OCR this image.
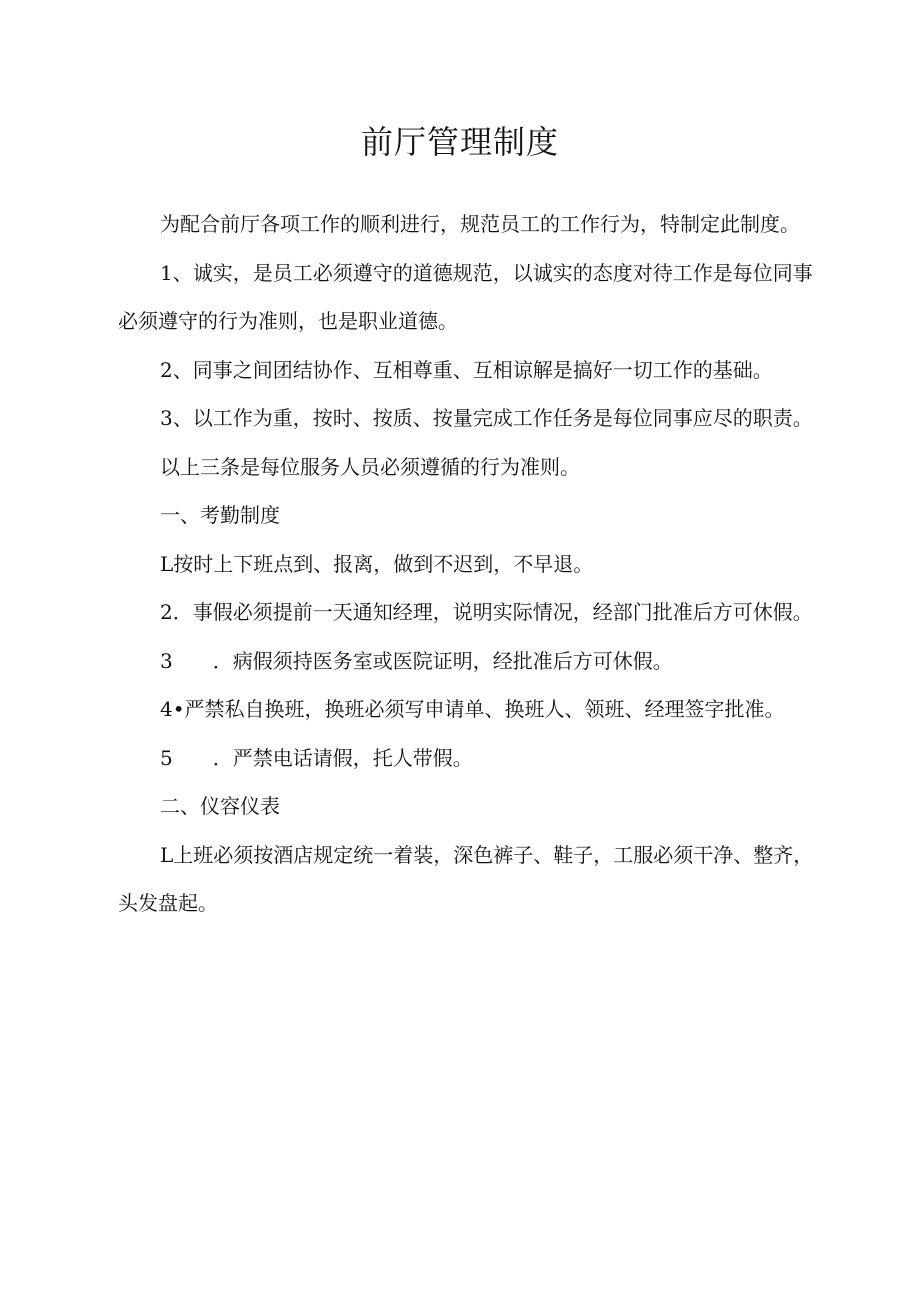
前厅管理制度

为配合前厅各项工作的顺利进行，规范员工的工作行为，特制定此制度。

1、诚实，是员工必须遵守的道德规范，以诚实的态度对待工作是每位同事必须遵守的行为准则，也是职业道德。

2、同事之间团结协作、互相尊重、互相谅解是搞好一切工作的基础。

3、以工作为重，按时、按质、按量完成工作任务是每位同事应尽的职责。

以上三条是每位服务人员必须遵循的行为准则。

一、考勤制度

L按时上下班点到、报离，做到不迟到，不早退。

2．事假必须提前一天通知经理，说明实际情况，经部门批准后方可休假。

3　　．病假须持医务室或医院证明，经批准后方可休假。

4•严禁私自换班，换班必须写申请单、换班人、领班、经理签字批准。

5　　．严禁电话请假，托人带假。

二、仪容仪表

L上班必须按酒店规定统一着装，深色裤子、鞋子，工服必须干净、整齐，头发盘起。
